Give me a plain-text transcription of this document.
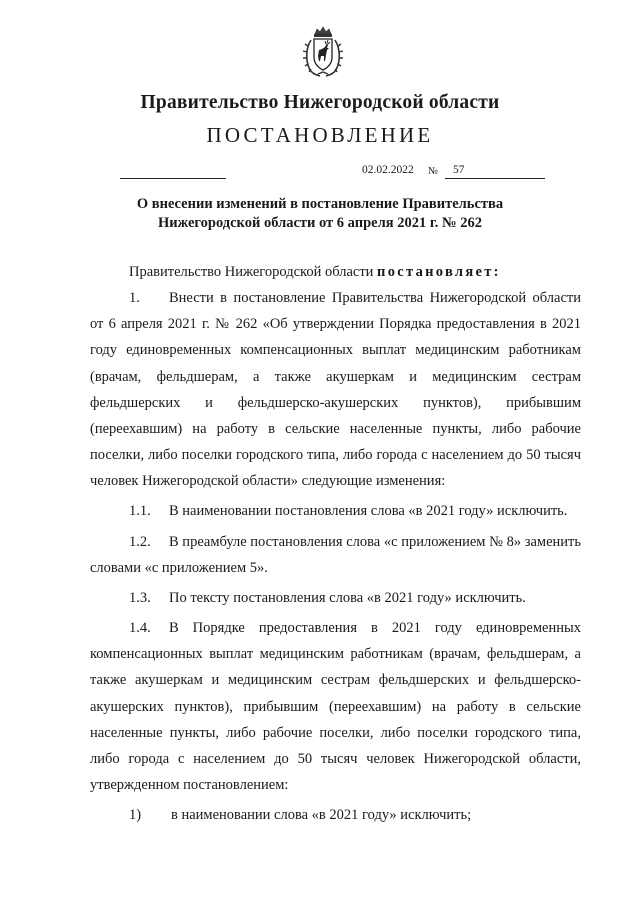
Правительство Нижегородской области
ПОСТАНОВЛЕНИЕ
02.02.2022 № 57
О внесении изменений в постановление Правительства
Нижегородской области от 6 апреля 2021 г. № 262

Правительство Нижегородской области постановляет:

1. Внести в постановление Правительства Нижегородской области от 6 апреля 2021 г. № 262 «Об утверждении Порядка предоставления в 2021 году единовременных компенсационных выплат медицинским работникам (врачам, фельдшерам, а также акушеркам и медицинским сестрам фельдшерских и фельдшерско-акушерских пунктов), прибывшим (переехавшим) на работу в сельские населенные пункты, либо рабочие поселки, либо поселки городского типа, либо города с населением до 50 тысяч человек Нижегородской области» следующие изменения:

1.1. В наименовании постановления слова «в 2021 году» исключить.

1.2. В преамбуле постановления слова «с приложением № 8» заменить словами «с приложением 5».

1.3. По тексту постановления слова «в 2021 году» исключить.

1.4. В Порядке предоставления в 2021 году единовременных компенсационных выплат медицинским работникам (врачам, фельдшерам, а также акушеркам и медицинским сестрам фельдшерских и фельдшерско-акушерских пунктов), прибывшим (переехавшим) на работу в сельские населенные пункты, либо рабочие поселки, либо поселки городского типа, либо города с населением до 50 тысяч человек Нижегородской области, утвержденном постановлением:

1) в наименовании слова «в 2021 году» исключить;
